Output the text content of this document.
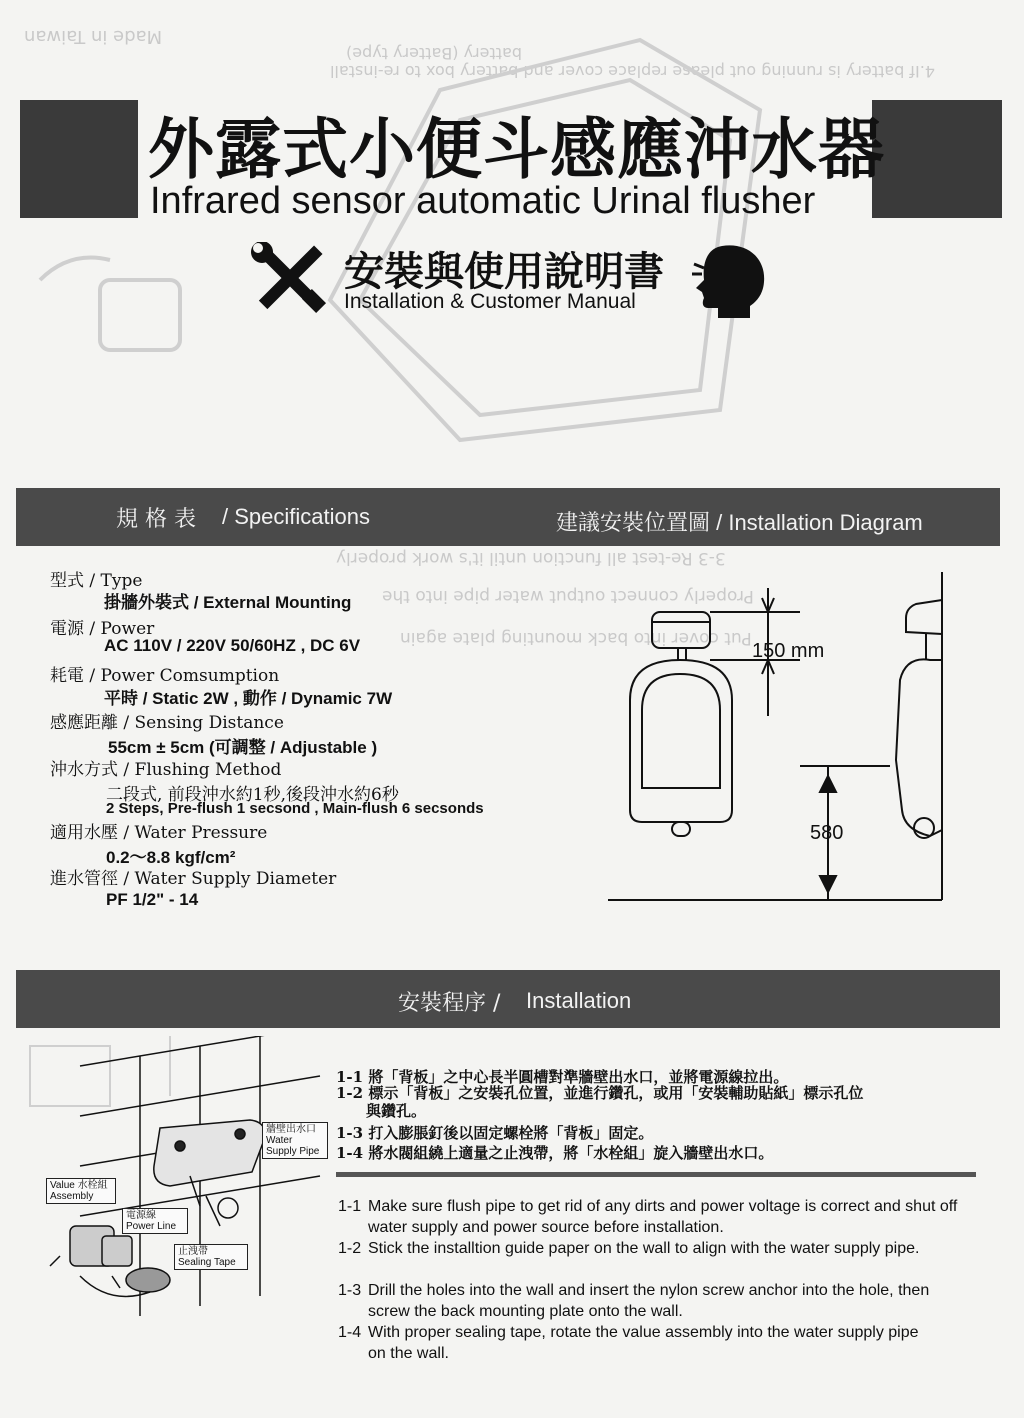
Made in Taiwan
battery (Battery type)
4.If battery is running out please replace cover and battery box to re-install
3-3 Re-test all function until it's work properly
Properly connect output water pipe into the
Put cover into back mounting plate again
外露式小便斗感應沖水器
Infrared sensor automatic Urinal flusher
安裝與使用說明書
Installation & Customer Manual
規 格 表 / Specifications	建議安裝位置圖 / Installation Diagram
型式 / Type
掛牆外裝式 / External Mounting
電源 / Power
AC 110V / 220V 50/60HZ , DC 6V
耗電 / Power Comsumption
平時 / Static 2W , 動作 / Dynamic 7W
感應距離 / Sensing Distance
55cm ± 5cm (可調整 / Adjustable )
沖水方式 / Flushing Method
二段式, 前段沖水約1秒,後段沖水約6秒
2 Steps, Pre-flush 1 secsond , Main-flush 6 secsonds
適用水壓 / Water Pressure
0.2～8.8 kgf/cm²
進水管徑 / Water Supply Diameter
PF 1/2" - 14
150 mm
580
安裝程序 / Installation
牆壁出水口 Water Supply Pipe
Value 水栓組 Assembly
電源線 Power Line
止洩帶 Sealing Tape
1-1 將「背板」之中心長半圓槽對準牆壁出水口，並將電源線拉出。
1-2 標示「背板」之安裝孔位置，並進行鑽孔，或用「安裝輔助貼紙」標示孔位
與鑽孔。
1-3 打入膨脹釘後以固定螺栓將「背板」固定。
1-4 將水閥組繞上適量之止洩帶，將「水栓組」旋入牆壁出水口。
1-1 Make sure flush pipe to get rid of any dirts and power voltage is correct and shut off water supply and power source before installation.
1-2 Stick the installtion guide paper on the wall to align with the water supply pipe.
1-3 Drill the holes into the wall and insert the nylon screw anchor into the hole, then screw the back mounting plate onto the wall.
1-4 With proper sealing tape, rotate the value assembly into the water supply pipe on the wall.
